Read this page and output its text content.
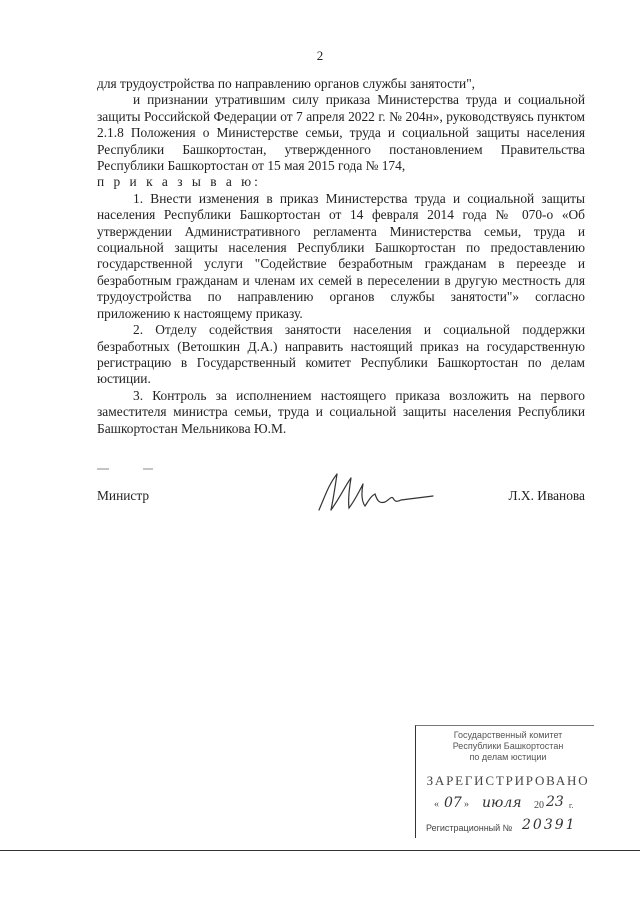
2

для трудоустройства по направлению органов службы занятости",

и признании утратившим силу приказа Министерства труда и социальной защиты Российской Федерации от 7 апреля 2022 г. № 204н», руководствуясь пунктом 2.1.8 Положения о Министерстве семьи, труда и социальной защиты населения Республики Башкортостан, утвержденного постановлением Правительства Республики Башкортостан от 15 мая 2015 года № 174,

п р и к а з ы в а ю:

1. Внести изменения в приказ Министерства труда и социальной защиты населения Республики Башкортостан от 14 февраля 2014 года № 070-о «Об утверждении Административного регламента Министерства семьи, труда и социальной защиты населения Республики Башкортостан по предоставлению государственной услуги "Содействие безработным гражданам в переезде и безработным гражданам и членам их семей в переселении в другую местность для трудоустройства по направлению органов службы занятости"» согласно приложению к настоящему приказу.

2. Отделу содействия занятости населения и социальной поддержки безработных (Ветошкин Д.А.) направить настоящий приказ на государственную регистрацию в Государственный комитет Республики Башкортостан по делам юстиции.

3. Контроль за исполнением настоящего приказа возложить на первого заместителя министра семьи, труда и социальной защиты населения Республики Башкортостан Мельникова Ю.М.

Министр	Л.Х. Иванова
Государственный комитет
Республики Башкортостан
по делам юстиции
ЗАРЕГИСТРИРОВАНО
« 07 » июля 20 23 г.
Регистрационный № 20391
